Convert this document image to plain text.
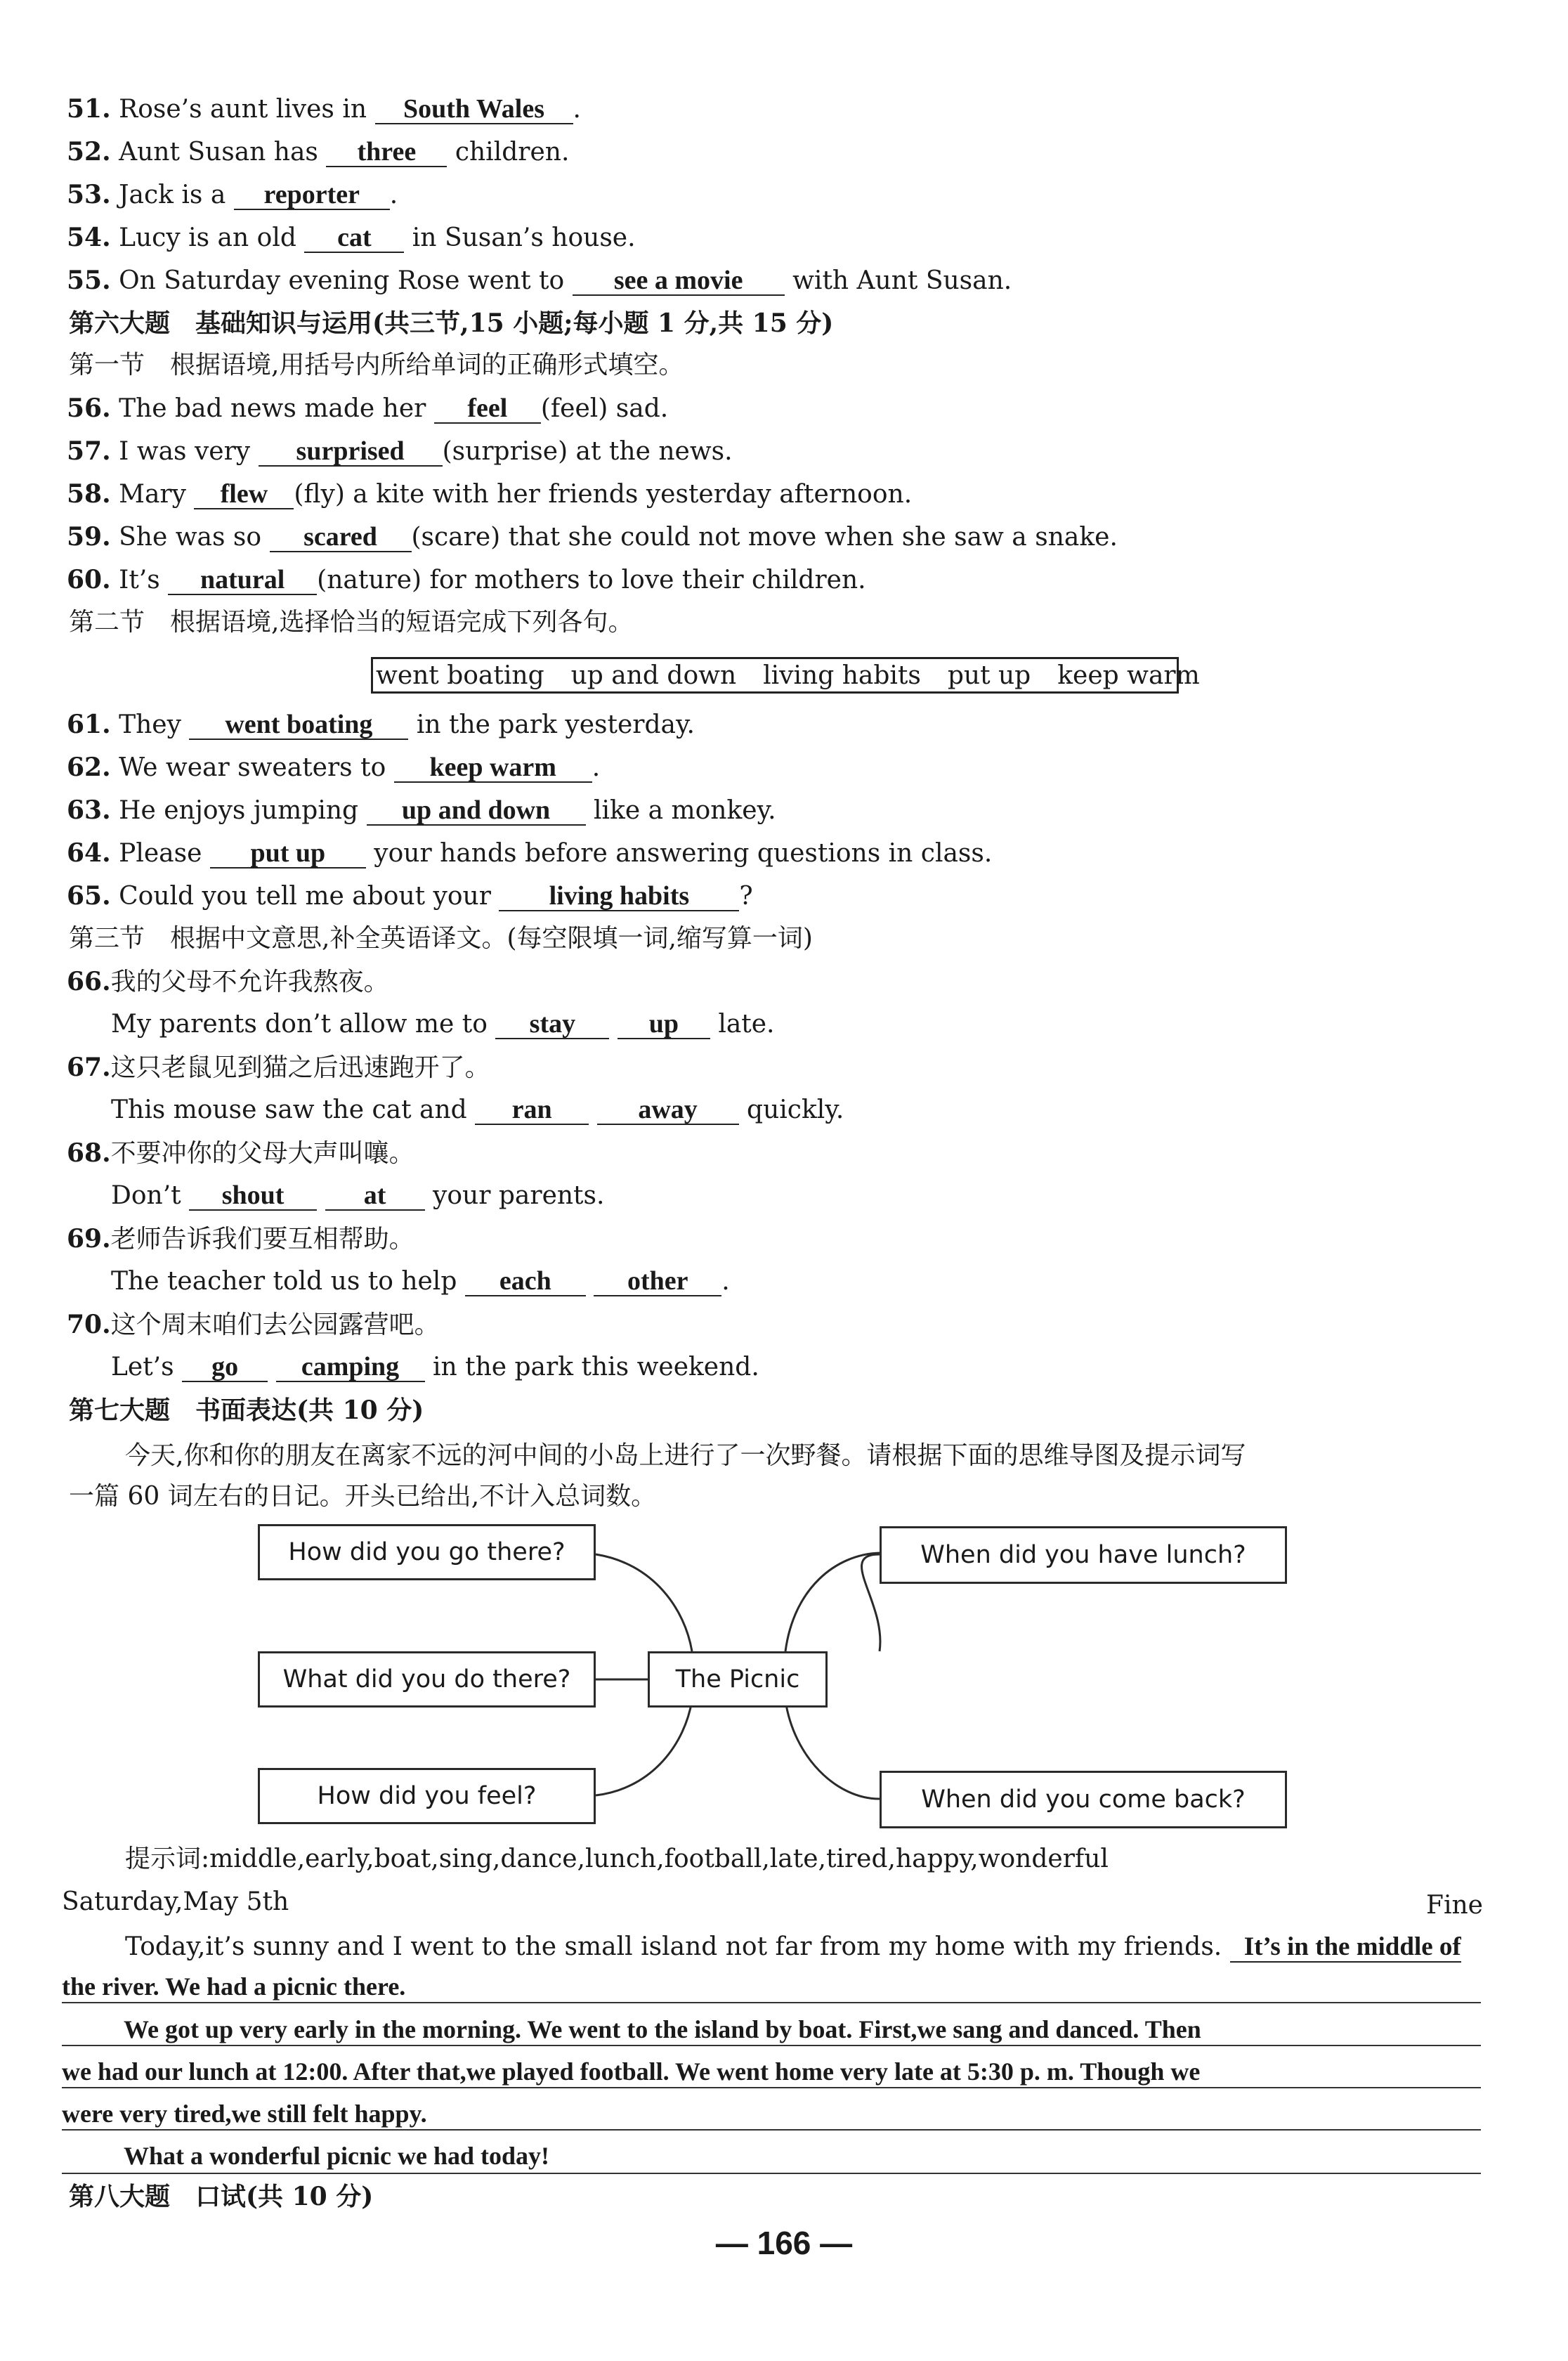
51. Rose’s aunt lives in South Wales .
52. Aunt Susan has three children.
53. Jack is a reporter .
54. Lucy is an old cat in Susan’s house.
55. On Saturday evening Rose went to see a movie with Aunt Susan.
第六大题　基础知识与运用(共三节,15 小题;每小题 1 分,共 15 分)
第一节　根据语境,用括号内所给单词的正确形式填空。
56. The bad news made her feel (feel) sad.
57. I was very surprised (surprise) at the news.
58. Mary flew (fly) a kite with her friends yesterday afternoon.
59. She was so scared (scare) that she could not move when she saw a snake.
60. It’s natural (nature) for mothers to love their children.
第二节　根据语境,选择恰当的短语完成下列各句。
went boating up and down living habits put up keep warm
61. They went boating in the park yesterday.
62. We wear sweaters to keep warm .
63. He enjoys jumping up and down like a monkey.
64. Please put up your hands before answering questions in class.
65. Could you tell me about your living habits ?
第三节　根据中文意思,补全英语译文。(每空限填一词,缩写算一词)
66.我的父母不允许我熬夜。
My parents don’t allow me to stay	up late.
67.这只老鼠见到猫之后迅速跑开了。
This mouse saw the cat and ran	away quickly.
68.不要冲你的父母大声叫嚷。
Don’t shout	at your parents.
69.老师告诉我们要互相帮助。
The teacher told us to help each	other .
70.这个周末咱们去公园露营吧。
Let’s go camping in the park this weekend.
第七大题　书面表达(共 10 分)
今天,你和你的朋友在离家不远的河中间的小岛上进行了一次野餐。请根据下面的思维导图及提示词写
一篇 60 词左右的日记。开头已给出,不计入总词数。
How did you go there?
What did you do there?
How did you feel?
The Picnic
When did you have lunch?
When did you come back?
提示词:middle,early,boat,sing,dance,lunch,football,late,tired,happy,wonderful
Saturday,May 5th	Fine
Today,it’s sunny and I went to the small island not far from my home with my friends. It’s in the middle of
the river. We had a picnic there.
We got up very early in the morning. We went to the island by boat. First,we sang and danced. Then
we had our lunch at 12:00. After that,we played football. We went home very late at 5:30 p. m. Though we
were very tired,we still felt happy.
What a wonderful picnic we had today!
第八大题　口试(共 10 分)
— 166 —
